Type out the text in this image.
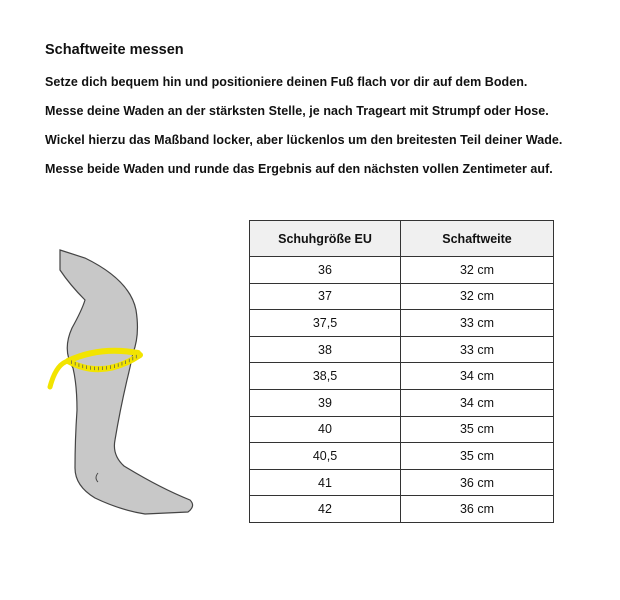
Schaftweite messen
Setze dich bequem hin und positioniere deinen Fuß flach vor dir auf dem Boden.
Messe deine Waden an der stärksten Stelle, je nach Trageart mit Strumpf oder Hose.
Wickel hierzu das Maßband locker, aber lückenlos um den breitesten Teil deiner Wade.
Messe beide Waden und runde das Ergebnis auf den nächsten vollen Zentimeter auf.
Schuhgröße EU	Schaftweite
36	32 cm
37	32 cm
37,5	33 cm
38	33 cm
38,5	34 cm
39	34 cm
40	35 cm
40,5	35 cm
41	36 cm
42	36 cm
